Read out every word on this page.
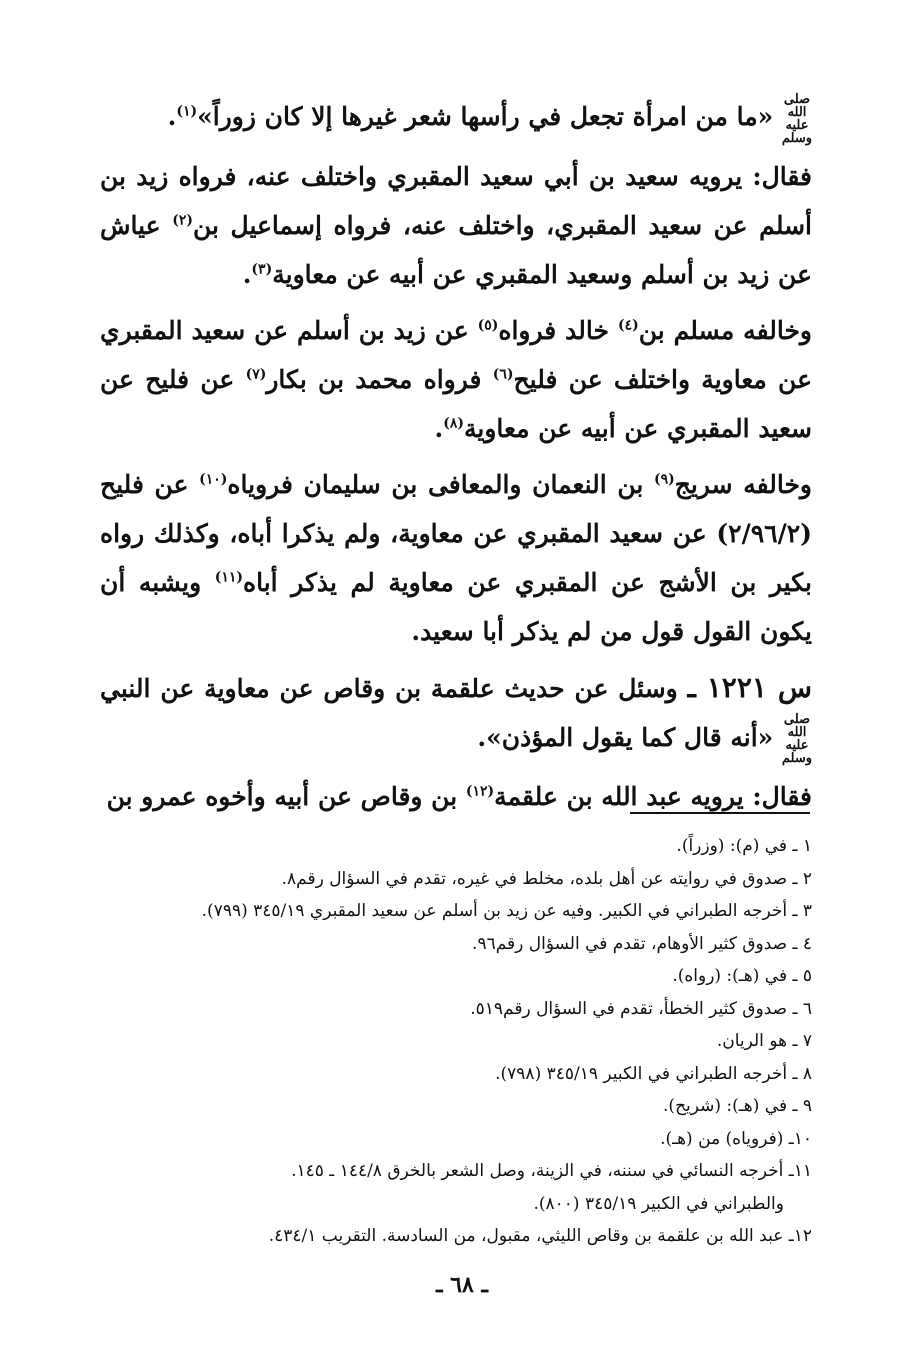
صلى الله عليه وسلم «ما من امرأة تجعل في رأسها شعر غيرها إلا كان زوراً»$^{(١)}$.

فقال: يرويه سعيد بن أبي سعيد المقبري واختلف عنه، فرواه زيد بن أسلم عن سعيد المقبري، واختلف عنه، فرواه إسماعيل بن$^{(٢)}$ عياش عن زيد بن أسلم وسعيد المقبري عن أبيه عن معاوية$^{(٣)}$.

وخالفه مسلم بن$^{(٤)}$ خالد فرواه$^{(٥)}$ عن زيد بن أسلم عن سعيد المقبري عن معاوية واختلف عن فليح$^{(٦)}$ فرواه محمد بن بكار$^{(٧)}$ عن فليح عن سعيد المقبري عن أبيه عن معاوية$^{(٨)}$.

وخالفه سريج$^{(٩)}$ بن النعمان والمعافى بن سليمان فروياه$^{(١٠)}$ عن فليح (٢/٩٦/٢) عن سعيد المقبري عن معاوية، ولم يذكرا أباه، وكذلك رواه بكير بن الأشج عن المقبري عن معاوية لم يذكر أباه$^{(١١)}$ ويشبه أن يكون القول قول من لم يذكر أبا سعيد.

س ١٢٢١ ـ وسئل عن حديث علقمة بن وقاص عن معاوية عن النبي صلى الله عليه وسلم «أنه قال كما يقول المؤذن».

فقال: يرويه عبد الله بن علقمة$^{(١٢)}$ بن وقاص عن أبيه وأخوه عمرو بن

١ ـ في (م): (وزراً).
٢ ـ صدوق في روايته عن أهل بلده، مخلط في غيره، تقدم في السؤال رقم٨.
٣ ـ أخرجه الطبراني في الكبير. وفيه عن زيد بن أسلم عن سعيد المقبري ٣٤٥/١٩ (٧٩٩).
٤ ـ صدوق كثير الأوهام، تقدم في السؤال رقم٩٦.
٥ ـ في (هـ): (رواه).
٦ ـ صدوق كثير الخطأ، تقدم في السؤال رقم٥١٩.
٧ ـ هو الريان.
٨ ـ أخرجه الطبراني في الكبير ٣٤٥/١٩ (٧٩٨).
٩ ـ في (هـ): (شريح).
١٠ـ (فروياه) من (هـ).
١١ـ أخرجه النسائي في سننه، في الزينة، وصل الشعر بالخرق ١٤٤/٨ ـ ١٤٥.
والطبراني في الكبير ٣٤٥/١٩ (٨٠٠).
١٢ـ عبد الله بن علقمة بن وقاص الليثي، مقبول، من السادسة. التقريب ٤٣٤/١.
ـ ٦٨ ـ
